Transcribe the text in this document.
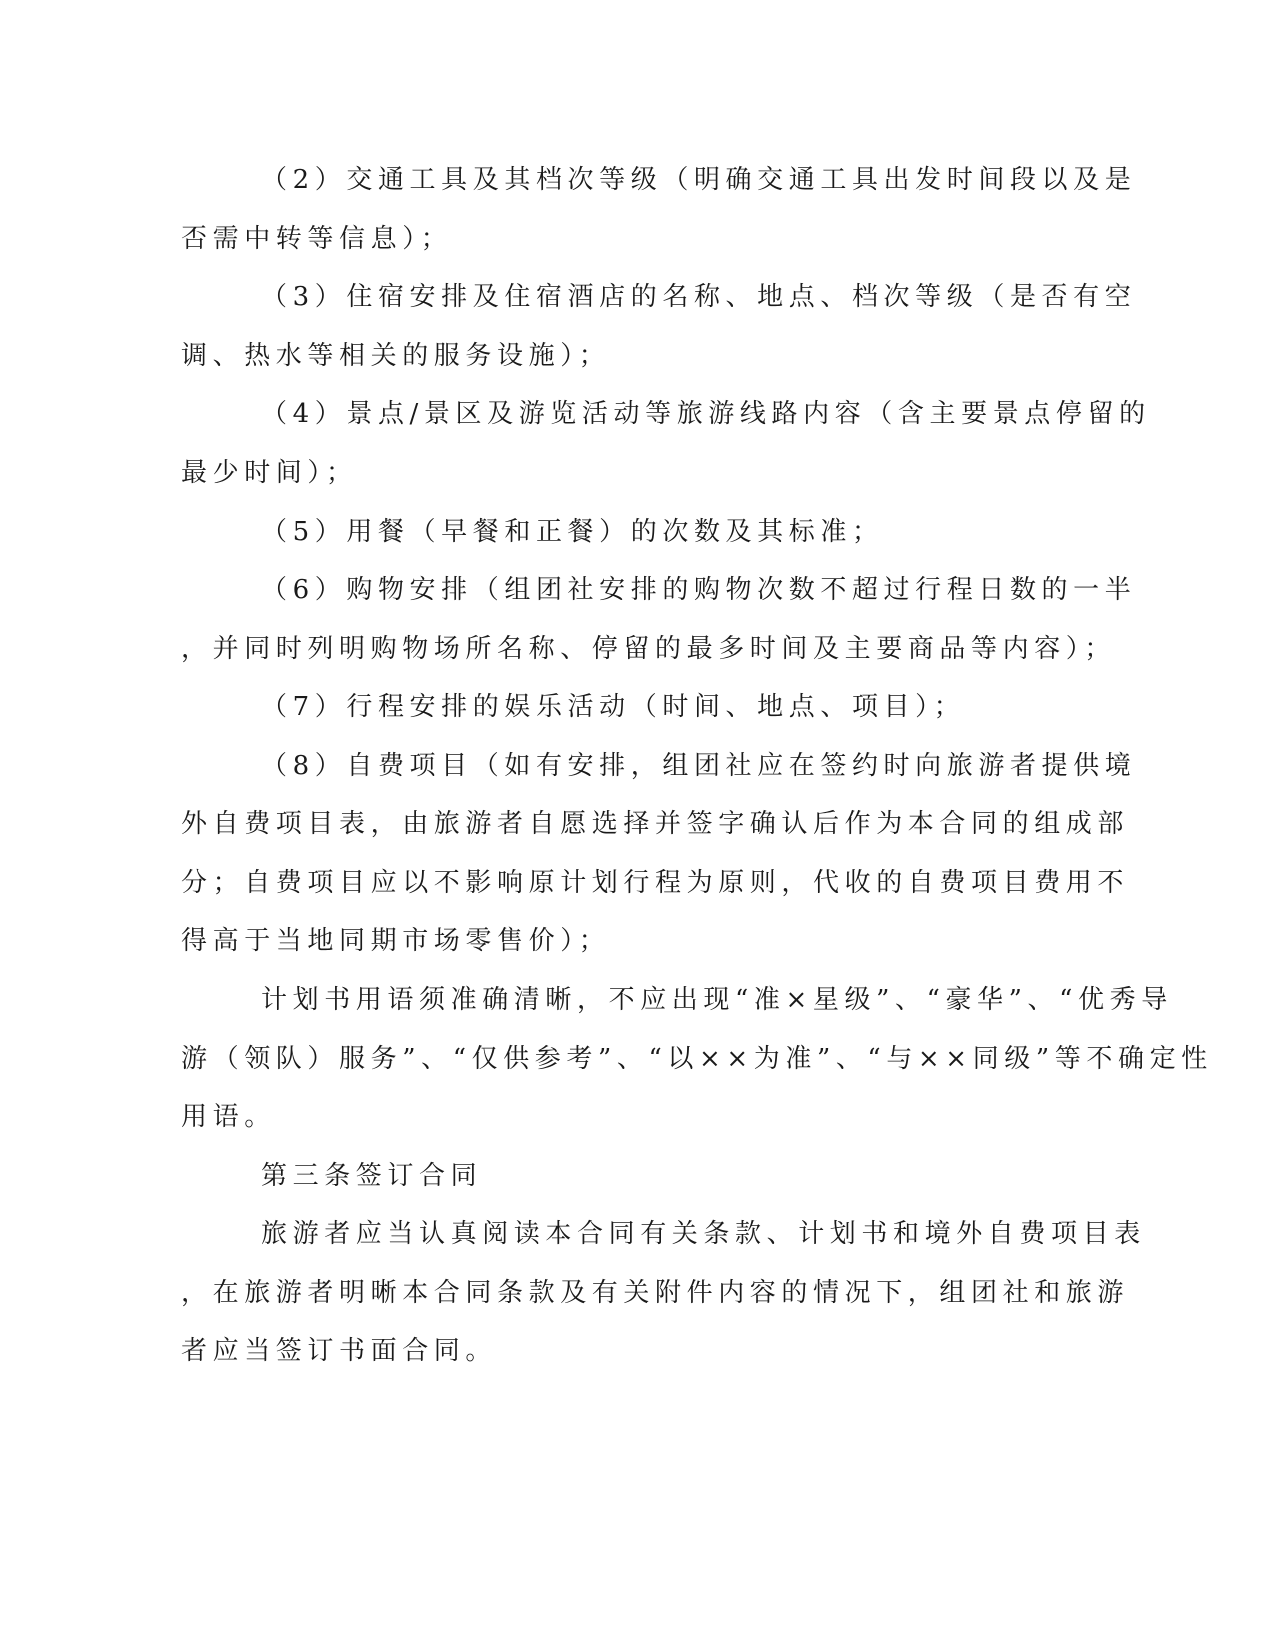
（2）交通工具及其档次等级（明确交通工具出发时间段以及是
否需中转等信息）；
（3）住宿安排及住宿酒店的名称、地点、档次等级（是否有空
调、热水等相关的服务设施）；
（4）景点/景区及游览活动等旅游线路内容（含主要景点停留的
最少时间）；
（5）用餐（早餐和正餐）的次数及其标准；
（6）购物安排（组团社安排的购物次数不超过行程日数的一半
，并同时列明购物场所名称、停留的最多时间及主要商品等内容）；
（7）行程安排的娱乐活动（时间、地点、项目）；
（8）自费项目（如有安排，组团社应在签约时向旅游者提供境
外自费项目表，由旅游者自愿选择并签字确认后作为本合同的组成部
分；自费项目应以不影响原计划行程为原则，代收的自费项目费用不
得高于当地同期市场零售价）；
计划书用语须准确清晰，不应出现“准×星级”、“豪华”、“优秀导
游（领队）服务”、“仅供参考”、“以××为准”、“与××同级”等不确定性
用语。
第三条签订合同
旅游者应当认真阅读本合同有关条款、计划书和境外自费项目表
，在旅游者明晰本合同条款及有关附件内容的情况下，组团社和旅游
者应当签订书面合同。
